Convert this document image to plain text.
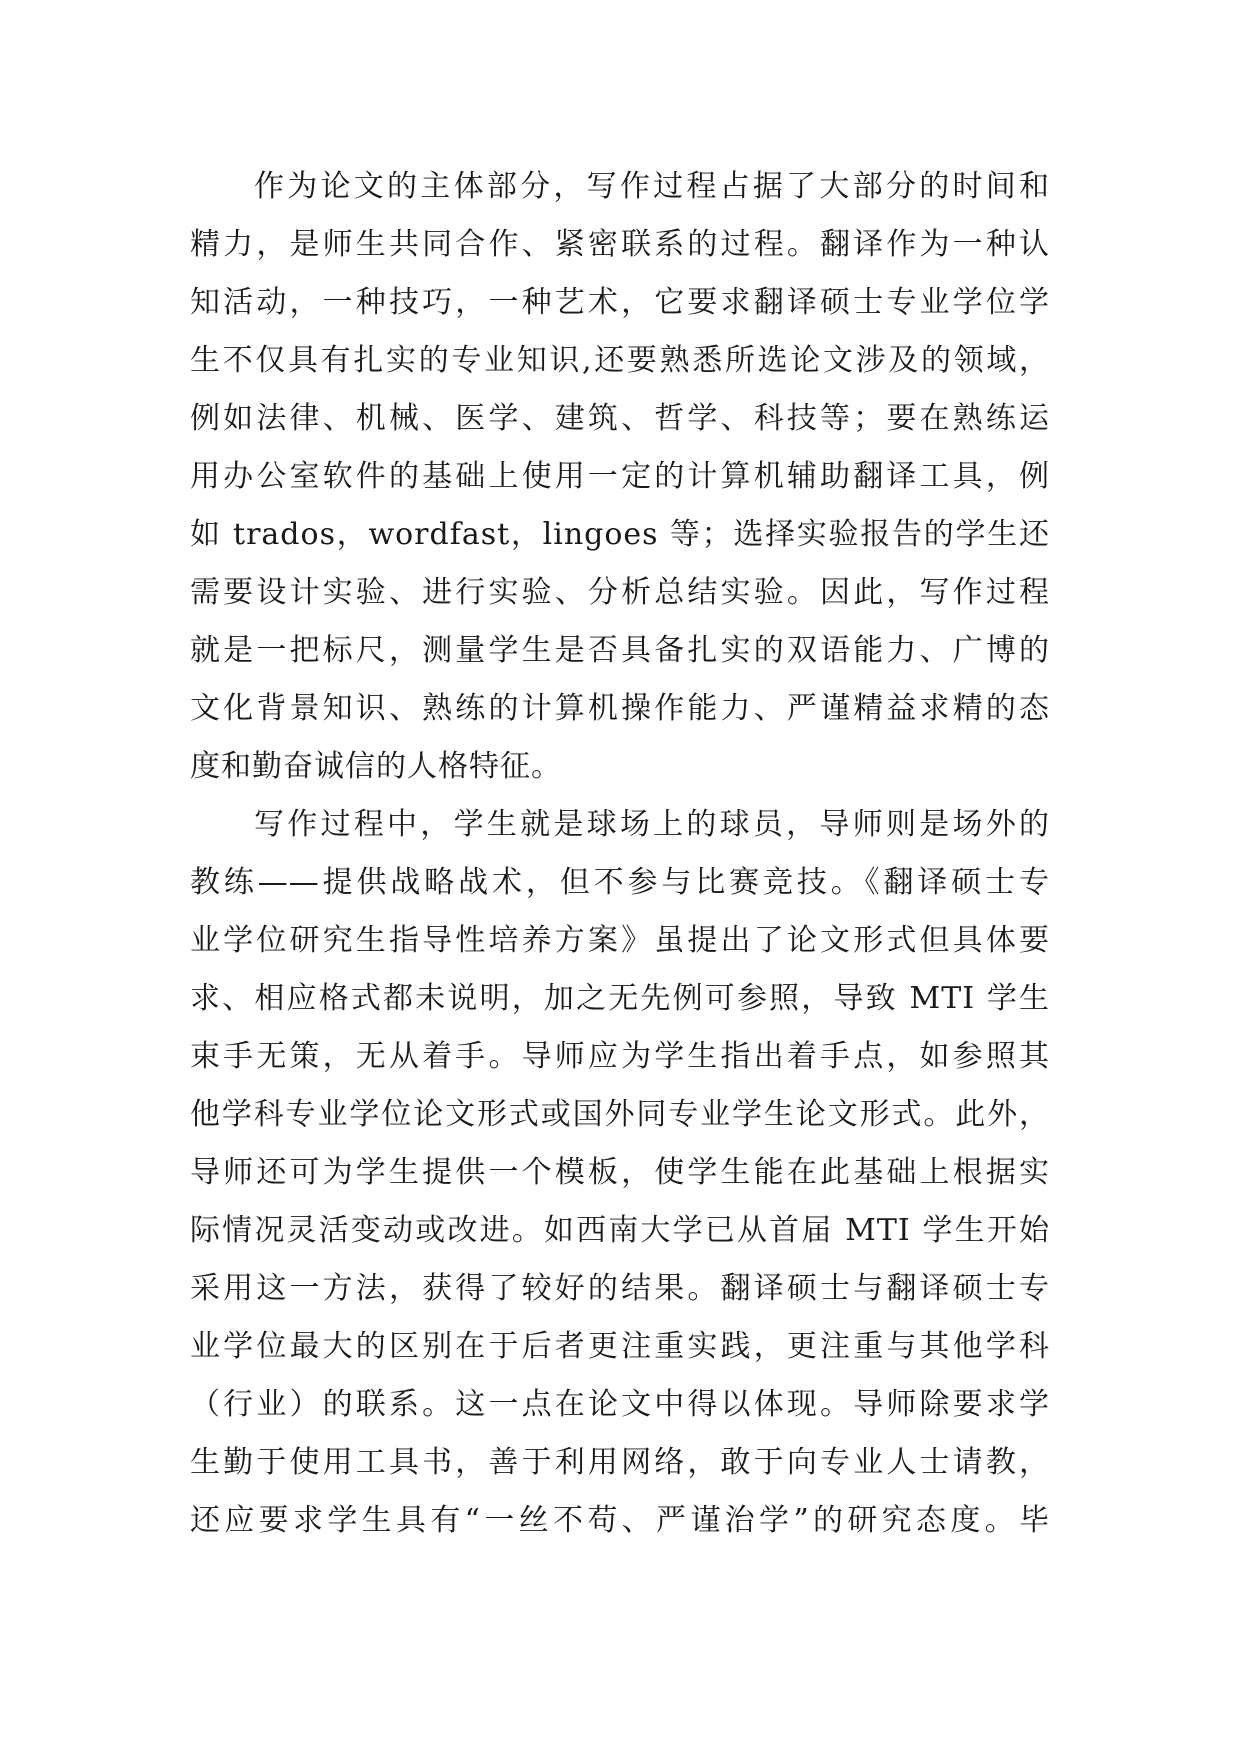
作为论文的主体部分，写作过程占据了大部分的时间和
精力，是师生共同合作、紧密联系的过程。翻译作为一种认
知活动，一种技巧，一种艺术，它要求翻译硕士专业学位学
生不仅具有扎实的专业知识,还要熟悉所选论文涉及的领域，
例如法律、机械、医学、建筑、哲学、科技等；要在熟练运
用办公室软件的基础上使用一定的计算机辅助翻译工具，例
如 trados，wordfast，lingoes 等；选择实验报告的学生还
需要设计实验、进行实验、分析总结实验。因此，写作过程
就是一把标尺，测量学生是否具备扎实的双语能力、广博的
文化背景知识、熟练的计算机操作能力、严谨精益求精的态
度和勤奋诚信的人格特征。
写作过程中，学生就是球场上的球员，导师则是场外的
教练——提供战略战术，但不参与比赛竞技。《翻译硕士专
业学位研究生指导性培养方案》虽提出了论文形式但具体要
求、相应格式都未说明，加之无先例可参照，导致 MTI 学生
束手无策，无从着手。导师应为学生指出着手点，如参照其
他学科专业学位论文形式或国外同专业学生论文形式。此外，
导师还可为学生提供一个模板，使学生能在此基础上根据实
际情况灵活变动或改进。如西南大学已从首届 MTI 学生开始
采用这一方法，获得了较好的结果。翻译硕士与翻译硕士专
业学位最大的区别在于后者更注重实践，更注重与其他学科
（行业）的联系。这一点在论文中得以体现。导师除要求学
生勤于使用工具书，善于利用网络，敢于向专业人士请教，
还应要求学生具有“一丝不苟、严谨治学”的研究态度。毕
